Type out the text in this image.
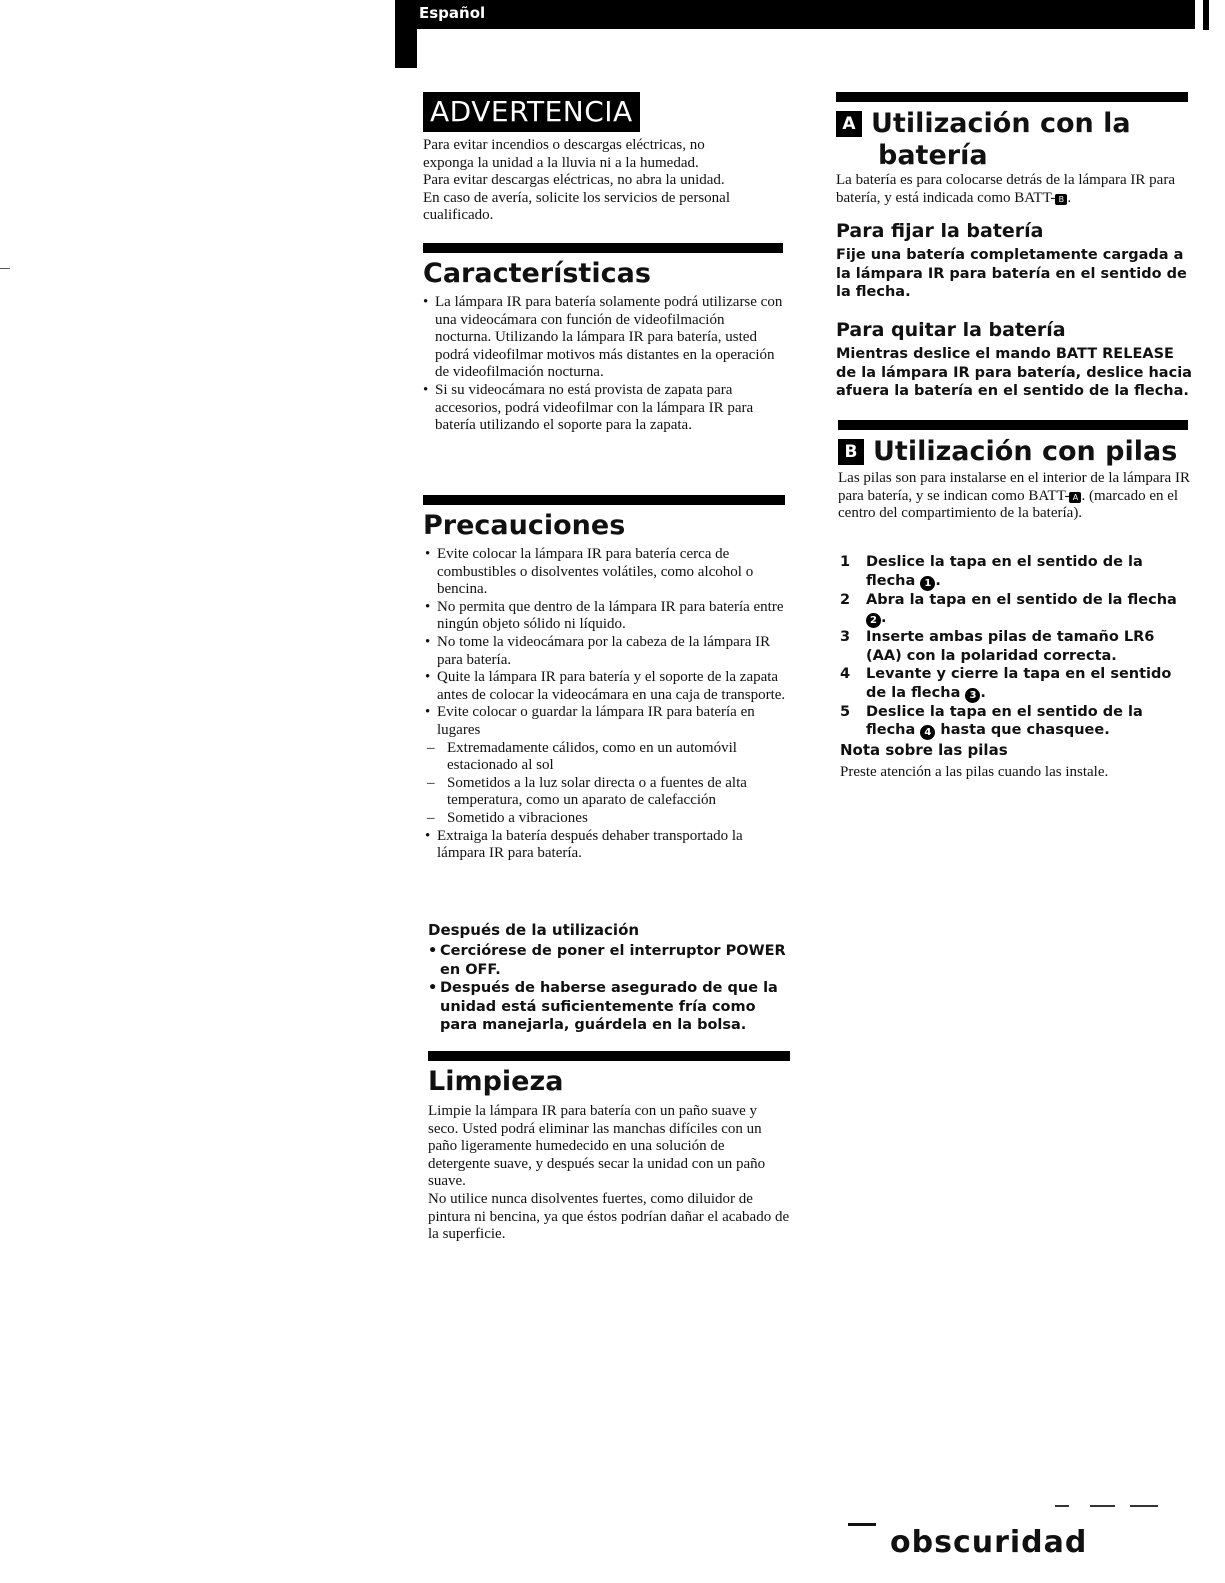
Español
ADVERTENCIA
Para evitar incendios o descargas eléctricas, no
exponga la unidad a la lluvia ni a la humedad.
Para evitar descargas eléctricas, no abra la unidad.
En caso de avería, solicite los servicios de personal
cualificado.
Características
• La lámpara IR para batería solamente podrá utilizarse con una videocámara con función de videofilmación nocturna. Utilizando la lámpara IR para batería, usted podrá videofilmar motivos más distantes en la operación de videofilmación nocturna.
• Si su videocámara no está provista de zapata para accesorios, podrá videofilmar con la lámpara IR para batería utilizando el soporte para la zapata.
Precauciones
• Evite colocar la lámpara IR para batería cerca de combustibles o disolventes volátiles, como alcohol o bencina.
• No permita que dentro de la lámpara IR para batería entre ningún objeto sólido ni líquido.
• No tome la videocámara por la cabeza de la lámpara IR para batería.
• Quite la lámpara IR para batería y el soporte de la zapata antes de colocar la videocámara en una caja de transporte.
• Evite colocar o guardar la lámpara IR para batería en lugares
– Extremadamente cálidos, como en un automóvil estacionado al sol
– Sometidos a la luz solar directa o a fuentes de alta temperatura, como un aparato de calefacción
– Sometido a vibraciones
• Extraiga la batería después dehaber transportado la lámpara IR para batería.
Después de la utilización
• Cerciórese de poner el interruptor POWER en OFF.
• Después de haberse asegurado de que la unidad está suficientemente fría como para manejarla, guárdela en la bolsa.
Limpieza
Limpie la lámpara IR para batería con un paño suave y seco. Usted podrá eliminar las manchas difíciles con un paño ligeramente humedecido en una solución de detergente suave, y después secar la unidad con un paño suave.
No utilice nunca disolventes fuertes, como diluidor de pintura ni bencina, ya que éstos podrían dañar el acabado de la superficie.
A Utilización con la
batería
La batería es para colocarse detrás de la lámpara IR para batería, y está indicada como BATT- B .
Para fijar la batería
Fije una batería completamente cargada a la lámpara IR para batería en el sentido de la flecha.
Para quitar la batería
Mientras deslice el mando BATT RELEASE de la lámpara IR para batería, deslice hacia afuera la batería en el sentido de la flecha.
B Utilización con pilas
Las pilas son para instalarse en el interior de la lámpara IR para batería, y se indican como BATT- A . (marcado en el centro del compartimiento de la batería).
1 Deslice la tapa en el sentido de la flecha 1 .
2 Abra la tapa en el sentido de la flecha 2 .
3 Inserte ambas pilas de tamaño LR6 (AA) con la polaridad correcta.
4 Levante y cierre la tapa en el sentido de la flecha 3 .
5 Deslice la tapa en el sentido de la flecha 4 hasta que chasquee.
Nota sobre las pilas
Preste atención a las pilas cuando las instale.
obscuridad
